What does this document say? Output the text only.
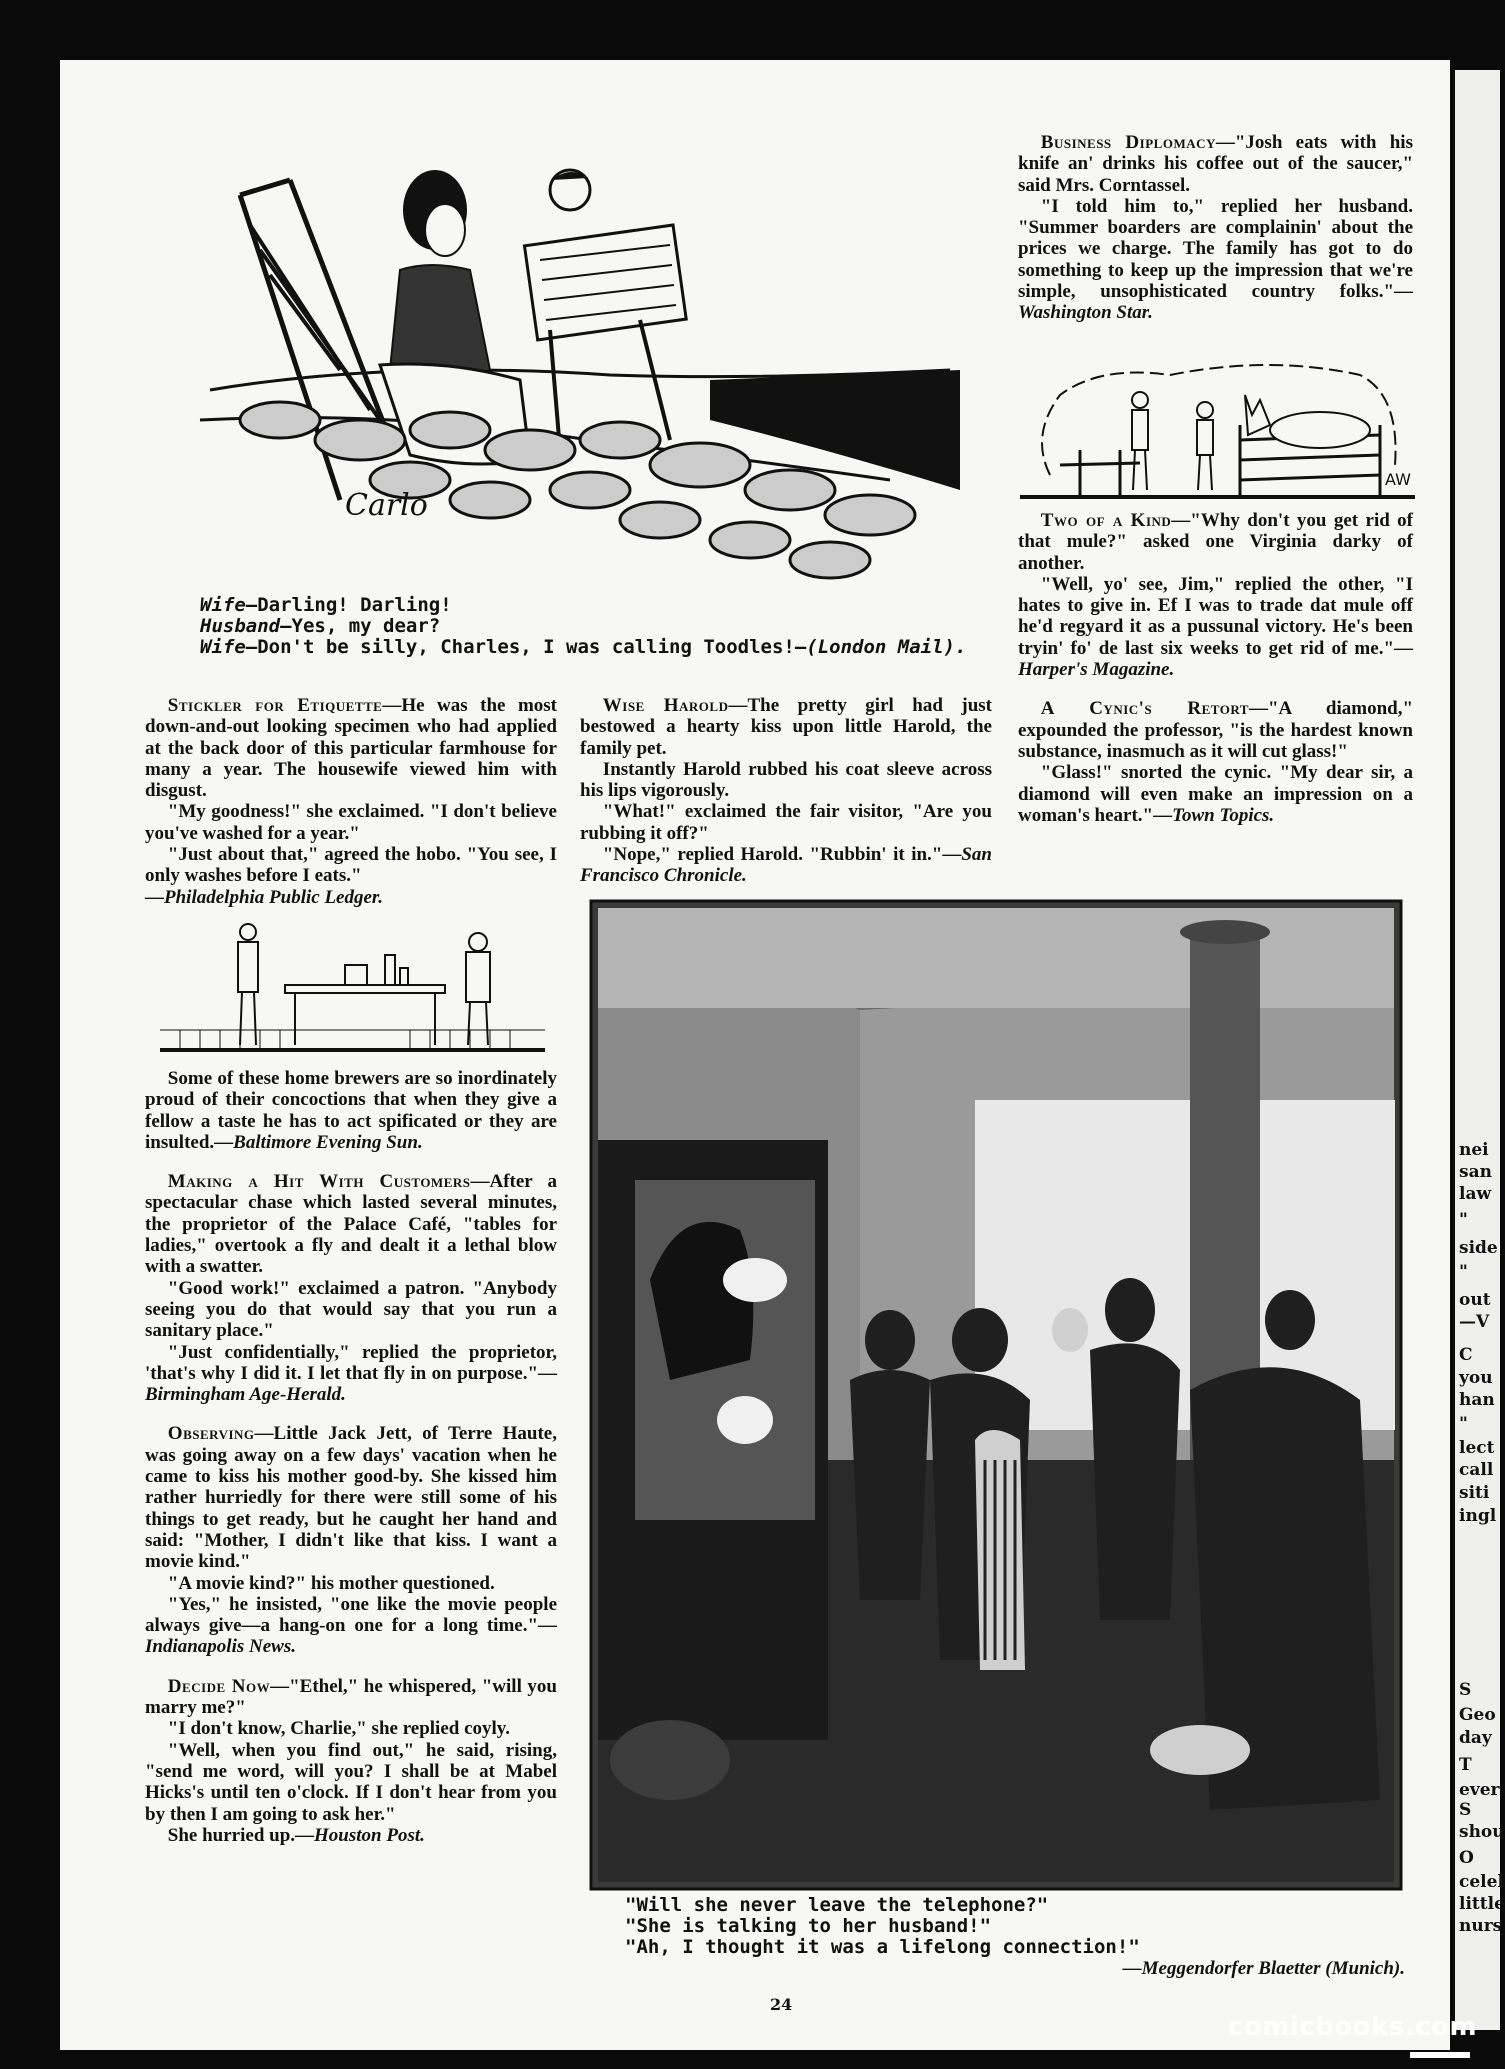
nei
san
law
"
side
"
out
—V
C
you
han
"
lect
call
siti
ingl
S
Geo
day
T
ever
S
shou
O
celel
little
nurs
Carlo
Wife—Darling! Darling!
Husband—Yes, my dear?
Wife—Don't be silly, Charles, I was calling Toodles!—(London Mail).

Business Diplomacy—"Josh eats with his knife an' drinks his coffee out of the saucer," said Mrs. Corntassel.

"I told him to," replied her husband. "Summer boarders are complainin' about the prices we charge. The family has got to do something to keep up the impression that we're simple, unsophisticated country folks."—Washington Star.

AW

Two of a Kind—"Why don't you get rid of that mule?" asked one Virginia darky of another.

"Well, yo' see, Jim," replied the other, "I hates to give in. Ef I was to trade dat mule off he'd regyard it as a pussunal victory. He's been tryin' fo' de last six weeks to get rid of me."—Harper's Magazine.

A Cynic's Retort—"A diamond," expounded the professor, "is the hardest known substance, inasmuch as it will cut glass!"

"Glass!" snorted the cynic. "My dear sir, a diamond will even make an impression on a woman's heart."—Town Topics.

Stickler for Etiquette—He was the most down-and-out looking specimen who had applied at the back door of this particular farmhouse for many a year. The housewife viewed him with disgust.

"My goodness!" she exclaimed. "I don't believe you've washed for a year."

"Just about that," agreed the hobo. "You see, I only washes before I eats."

—Philadelphia Public Ledger.

Wise Harold—The pretty girl had just bestowed a hearty kiss upon little Harold, the family pet.

Instantly Harold rubbed his coat sleeve across his lips vigorously.

"What!" exclaimed the fair visitor, "Are you rubbing it off?"

"Nope," replied Harold. "Rubbin' it in."—San Francisco Chronicle.

Some of these home brewers are so inordinately proud of their concoctions that when they give a fellow a taste he has to act spificated or they are insulted.—Baltimore Evening Sun.

Making a Hit With Customers—After a spectacular chase which lasted several minutes, the proprietor of the Palace Café, "tables for ladies," overtook a fly and dealt it a lethal blow with a swatter.

"Good work!" exclaimed a patron. "Anybody seeing you do that would say that you run a sanitary place."

"Just confidentially," replied the proprietor, 'that's why I did it. I let that fly in on purpose."—Birmingham Age-Herald.

Observing—Little Jack Jett, of Terre Haute, was going away on a few days' vacation when he came to kiss his mother good-by. She kissed him rather hurriedly for there were still some of his things to get ready, but he caught her hand and said: "Mother, I didn't like that kiss. I want a movie kind."

"A movie kind?" his mother questioned.

"Yes," he insisted, "one like the movie people always give—a hang-on one for a long time."—Indianapolis News.

Decide Now—"Ethel," he whispered, "will you marry me?"

"I don't know, Charlie," she replied coyly.

"Well, when you find out," he said, rising, "send me word, will you? I shall be at Mabel Hicks's until ten o'clock. If I don't hear from you by then I am going to ask her."

She hurried up.—Houston Post.

"Will she never leave the telephone?"
"She is talking to her husband!"
"Ah, I thought it was a lifelong connection!"
—Meggendorfer Blaetter (Munich).
24
comicbooks.com
